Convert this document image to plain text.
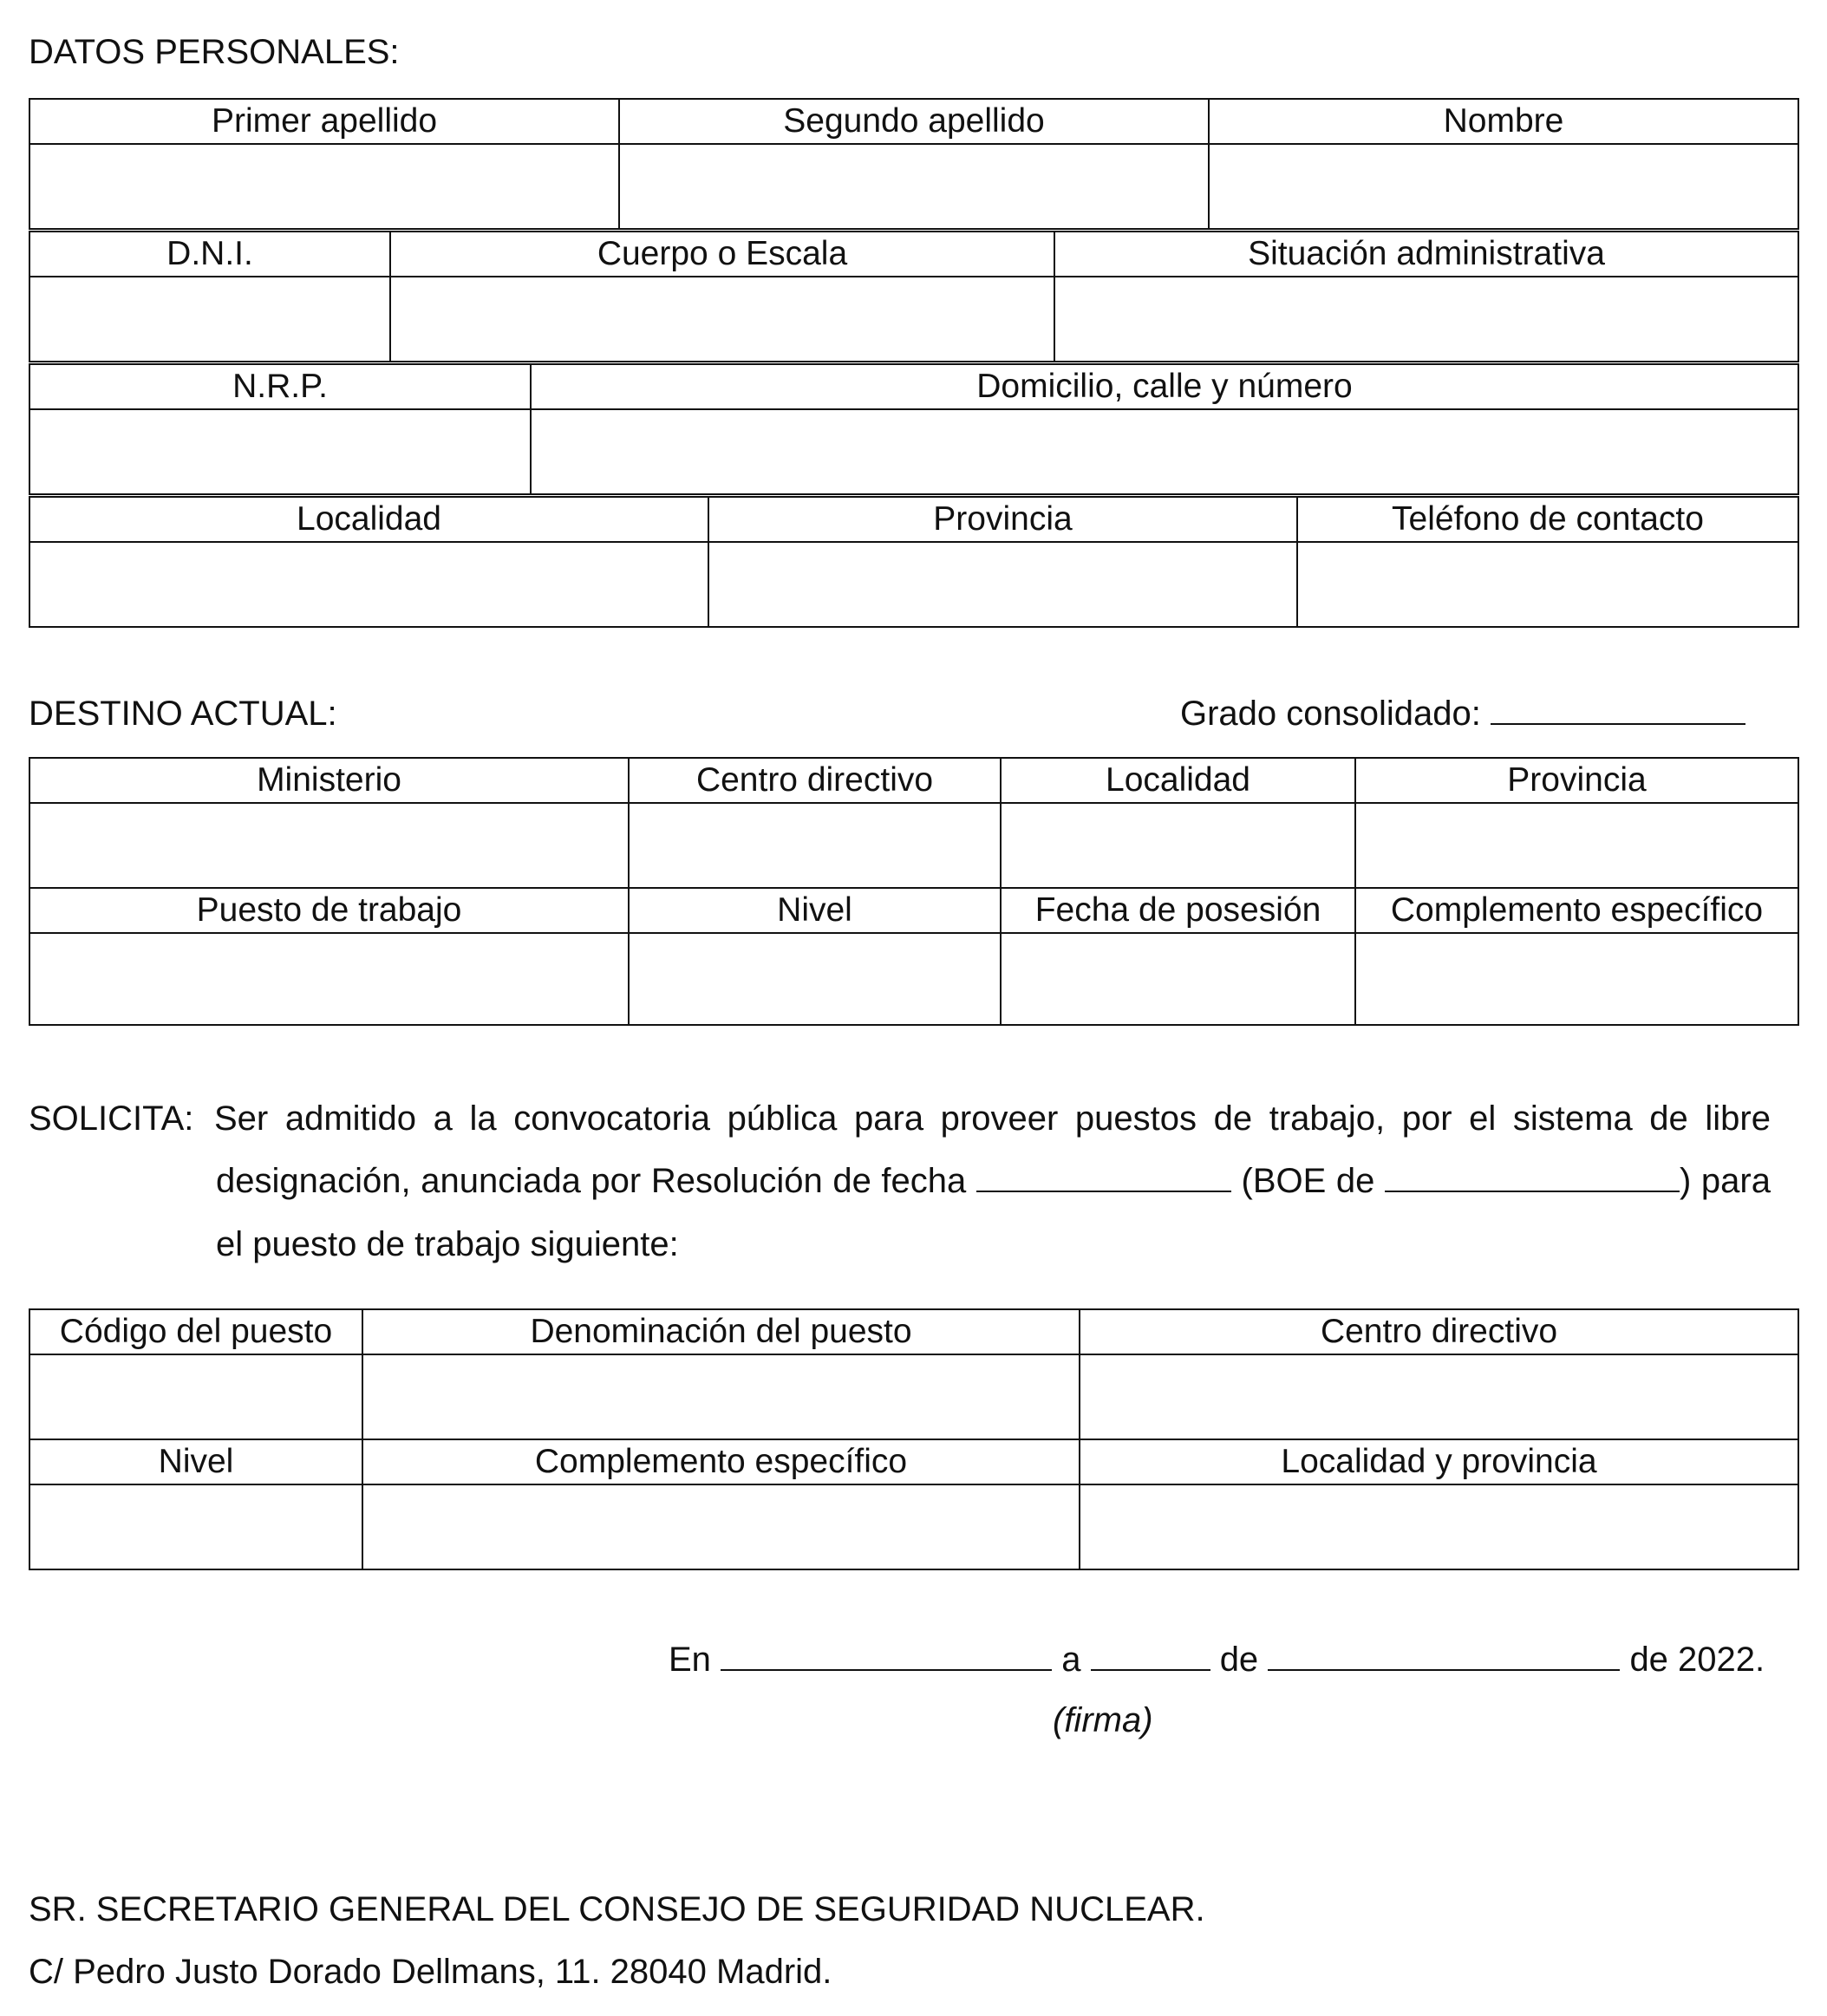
DATOS PERSONALES:
Primer apellido	Segundo apellido	Nombre

D.N.I.	Cuerpo o Escala	Situación administrativa

N.R.P.	Domicilio, calle y número

Localidad	Provincia	Teléfono de contacto

DESTINO ACTUAL:	Grado consolidado:
Ministerio	Centro directivo	Localidad	Provincia

Puesto de trabajo	Nivel	Fecha de posesión	Complemento específico

SOLICITA: Ser admitido a la convocatoria pública para proveer puestos de trabajo, por el sistema de libre
designación, anunciada por Resolución de fecha	(BOE de	) para
el puesto de trabajo siguiente:
Código del puesto	Denominación del puesto	Centro directivo

Nivel	Complemento específico	Localidad y provincia

En	a	de	de 2022.
(firma)
SR. SECRETARIO GENERAL DEL CONSEJO DE SEGURIDAD NUCLEAR.
C/ Pedro Justo Dorado Dellmans, 11. 28040 Madrid.
